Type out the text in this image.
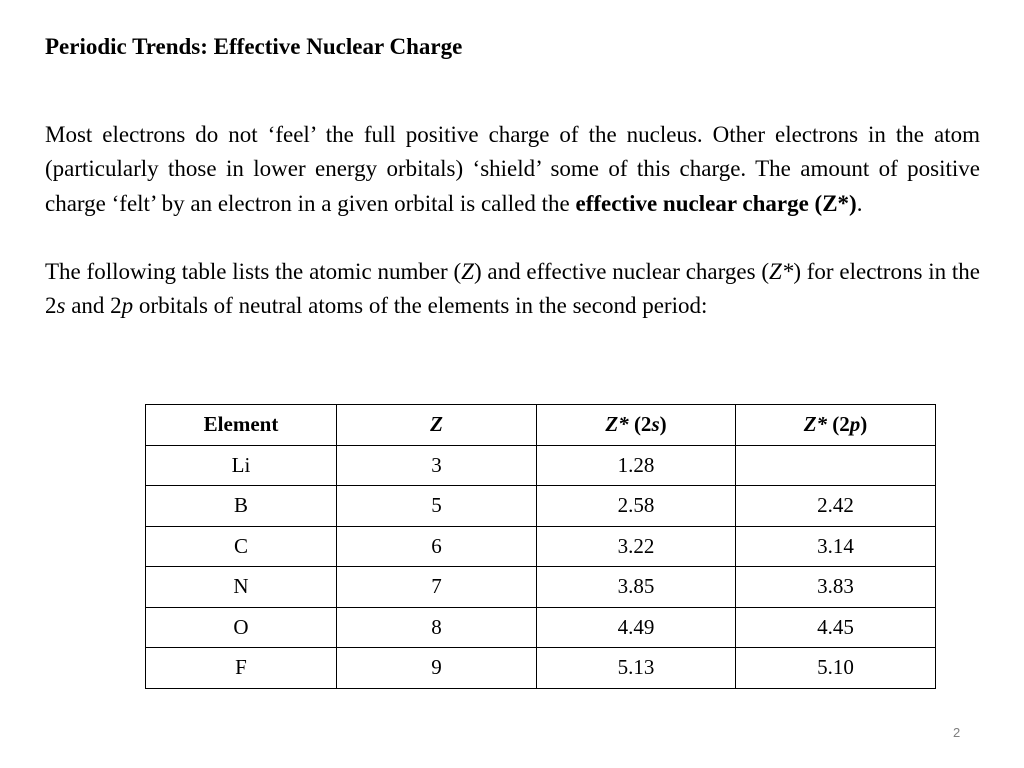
Periodic Trends: Effective Nuclear Charge
Most electrons do not ‘feel’ the full positive charge of the nucleus. Other electrons in the atom (particularly those in lower energy orbitals) ‘shield’ some of this charge. The amount of positive charge ‘felt’ by an electron in a given orbital is called the effective nuclear charge (Z*).
The following table lists the atomic number (Z) and effective nuclear charges (Z*) for electrons in the 2s and 2p orbitals of neutral atoms of the elements in the second period:
Element	Z	Z* (2s)	Z* (2p)
Li	3	1.28	
B	5	2.58	2.42
C	6	3.22	3.14
N	7	3.85	3.83
O	8	4.49	4.45
F	9	5.13	5.10
2
